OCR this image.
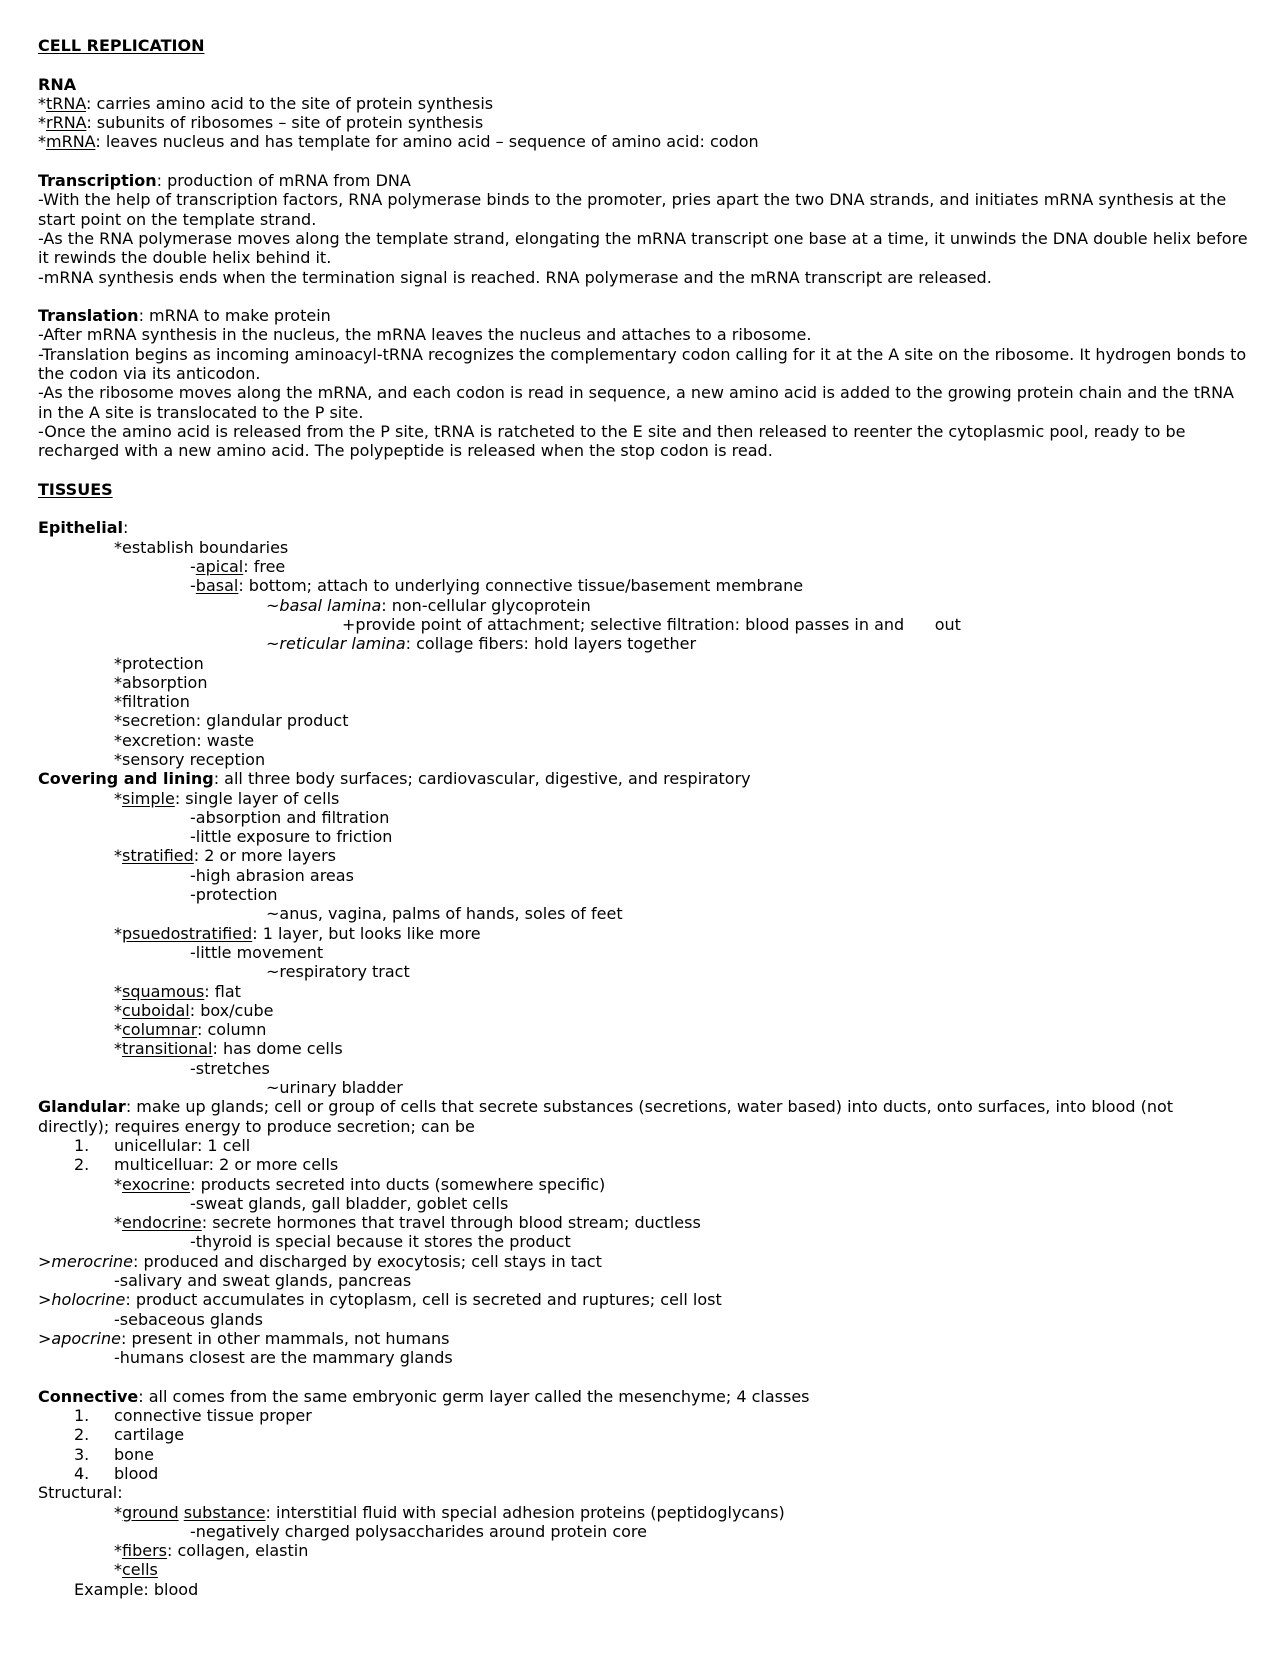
CELL REPLICATION
RNA
*tRNA: carries amino acid to the site of protein synthesis
*rRNA: subunits of ribosomes – site of protein synthesis
*mRNA: leaves nucleus and has template for amino acid – sequence of amino acid: codon
Transcription: production of mRNA from DNA
-With the help of transcription factors, RNA polymerase binds to the promoter, pries apart the two DNA strands, and initiates mRNA synthesis at the start point on the template strand.
-As the RNA polymerase moves along the template strand, elongating the mRNA transcript one base at a time, it unwinds the DNA double helix before it rewinds the double helix behind it.
-mRNA synthesis ends when the termination signal is reached. RNA polymerase and the mRNA transcript are released.
Translation: mRNA to make protein
-After mRNA synthesis in the nucleus, the mRNA leaves the nucleus and attaches to a ribosome.
-Translation begins as incoming aminoacyl-tRNA recognizes the complementary codon calling for it at the A site on the ribosome. It hydrogen bonds to the codon via its anticodon.
-As the ribosome moves along the mRNA, and each codon is read in sequence, a new amino acid is added to the growing protein chain and the tRNA in the A site is translocated to the P site.
-Once the amino acid is released from the P site, tRNA is ratcheted to the E site and then released to reenter the cytoplasmic pool, ready to be recharged with a new amino acid. The polypeptide is released when the stop codon is read.
TISSUES
Epithelial:
*establish boundaries
-apical: free
-basal: bottom; attach to underlying connective tissue/basement membrane
~basal lamina: non-cellular glycoprotein
+provide point of attachment; selective filtration: blood passes in and      out
~reticular lamina: collage fibers: hold layers together
*protection
*absorption
*filtration
*secretion: glandular product
*excretion: waste
*sensory reception
Covering and lining: all three body surfaces; cardiovascular, digestive, and respiratory
*simple: single layer of cells
-absorption and filtration
-little exposure to friction
*stratified: 2 or more layers
-high abrasion areas
-protection
~anus, vagina, palms of hands, soles of feet
*psuedostratified: 1 layer, but looks like more
-little movement
~respiratory tract
*squamous: flat
*cuboidal: box/cube
*columnar: column
*transitional: has dome cells
-stretches
~urinary bladder
Glandular: make up glands; cell or group of cells that secrete substances (secretions, water based) into ducts, onto surfaces, into blood (not directly); requires energy to produce secretion; can be
1. unicellular: 1 cell
2. multicelluar: 2 or more cells
*exocrine: products secreted into ducts (somewhere specific)
-sweat glands, gall bladder, goblet cells
*endocrine: secrete hormones that travel through blood stream; ductless
-thyroid is special because it stores the product
>merocrine: produced and discharged by exocytosis; cell stays in tact
-salivary and sweat glands, pancreas
>holocrine: product accumulates in cytoplasm, cell is secreted and ruptures; cell lost
-sebaceous glands
>apocrine: present in other mammals, not humans
-humans closest are the mammary glands
Connective: all comes from the same embryonic germ layer called the mesenchyme; 4 classes
1. connective tissue proper
2. cartilage
3. bone
4. blood
Structural:
*ground substance: interstitial fluid with special adhesion proteins (peptidoglycans)
-negatively charged polysaccharides around protein core
*fibers: collagen, elastin
*cells
Example: blood
